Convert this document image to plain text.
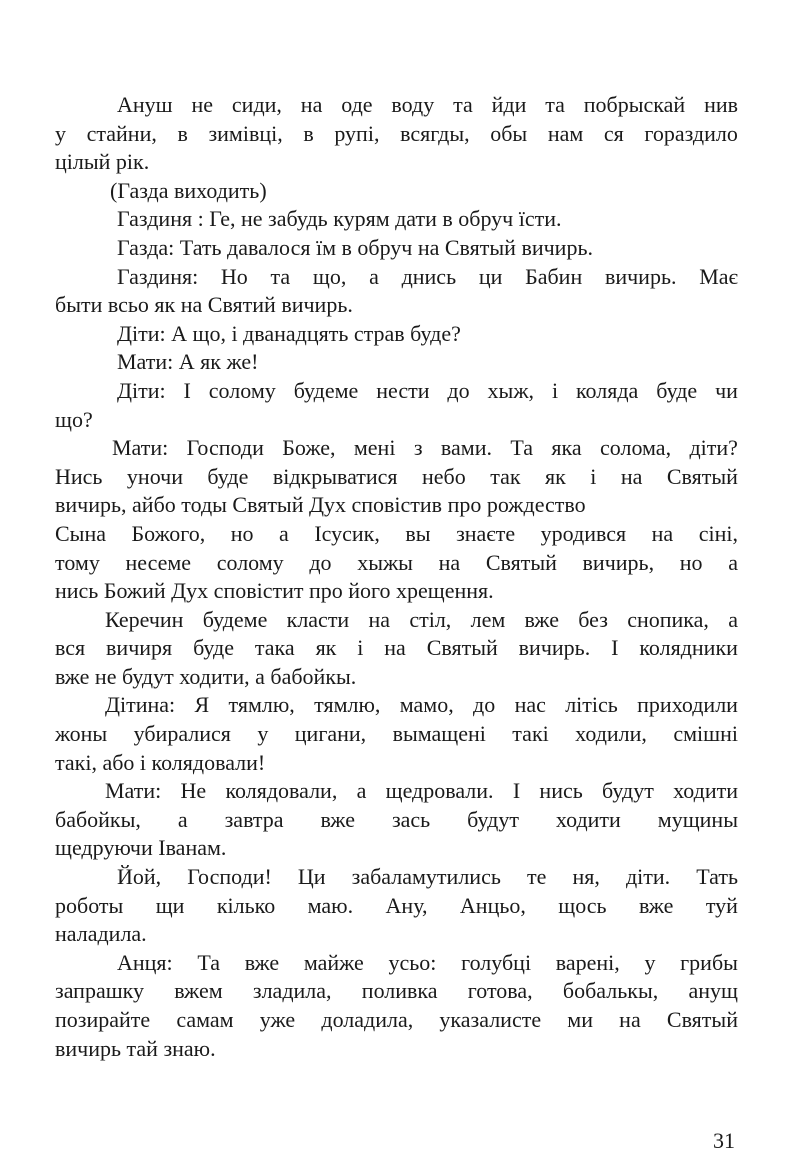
Ануш не сиди, на оде воду та йди та побрыскай нив
у стайни, в зимівці, в рупі, всягды, обы нам ся гораздило
цілый рік.
(Газда виходить)
Газдиня : Ге, не забудь курям дати в обруч їсти.
Газда: Тать давалося їм в обруч на Святый вичирь.
Газдиня: Но та що, а днись ци Бабин вичирь. Має
быти всьо як на Святий вичирь.
Діти: А що, і дванадцять страв буде?
Мати: А як же!
Діти: І солому будеме нести до хыж, і коляда буде чи
що?
Мати: Господи Боже, мені з вами. Та яка солома, діти?
Нись уночи буде відкрыватися небо так як і на Святый
вичирь, айбо тоды Святый Дух сповістив про рождество
Сына Божого, но а Ісусик, вы знаєте уродився на сіні,
тому несеме солому до хыжы на Святый вичирь, но а
нись Божий Дух сповістит про його хрещення.
Керечин будеме класти на стіл, лем вже без снопика, а
вся вичиря буде така як і на Святый вичирь. І колядники
вже не будут ходити, а бабойкы.
Дітина: Я тямлю, тямлю, мамо, до нас літісь приходили
жоны убиралися у цигани, вымащені такі ходили, смішні
такі, або і колядовали!
Мати: Не колядовали, а щедровали. І нись будут ходити
бабойкы, а завтра вже зась будут ходити мущины
щедруючи Іванам.
Йой, Господи! Ци забаламутились те ня, діти. Тать
роботы щи кілько маю. Ану, Анцьо, щось вже туй
наладила.
Анця: Та вже майже усьо: голубці варені, у грибы
запрашку вжем зладила, поливка готова, бобалькы, анущ
позирайте самам уже доладила, указалисте ми на Святый
вичирь тай знаю.
31
